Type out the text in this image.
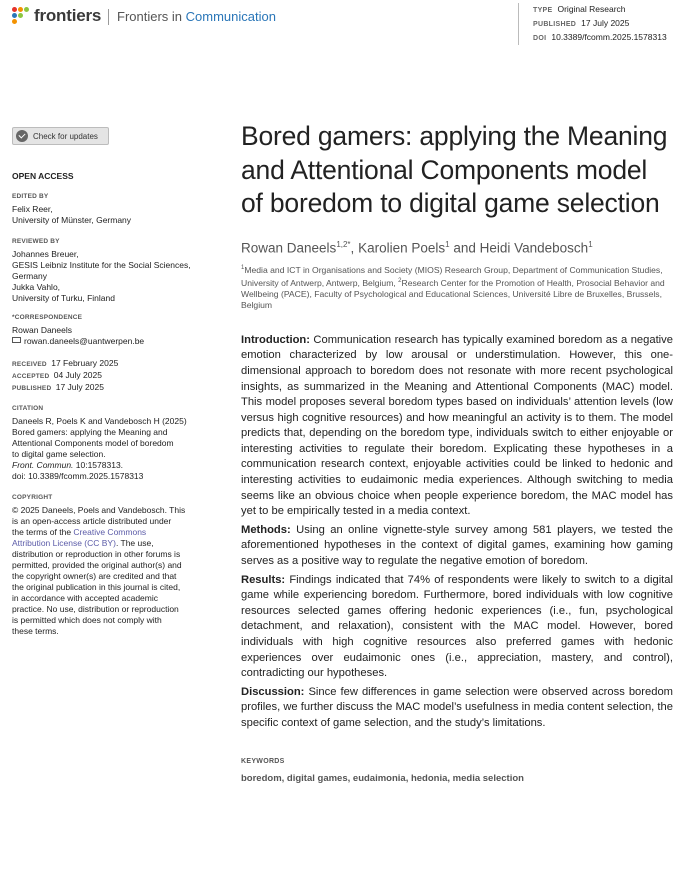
frontiers Frontiers in Communication	TYPE Original Research
PUBLISHED 17 July 2025
DOI 10.3389/fcomm.2025.1578313
Check for updates
OPEN ACCESS
EDITED BY
Felix Reer,
University of Münster, Germany
REVIEWED BY
Johannes Breuer,
GESIS Leibniz Institute for the Social Sciences,
Germany
Jukka Vahlo,
University of Turku, Finland
*CORRESPONDENCE
Rowan Daneels
rowan.daneels@uantwerpen.be
RECEIVED 17 February 2025
ACCEPTED 04 July 2025
PUBLISHED 17 July 2025
CITATION
Daneels R, Poels K and Vandebosch H (2025)
Bored gamers: applying the Meaning and
Attentional Components model of boredom
to digital game selection.
Front. Commun. 10:1578313.
doi: 10.3389/fcomm.2025.1578313
COPYRIGHT
© 2025 Daneels, Poels and Vandebosch. This
is an open-access article distributed under
the terms of the Creative Commons
Attribution License (CC BY). The use,
distribution or reproduction in other forums is
permitted, provided the original author(s) and
the copyright owner(s) are credited and that
the original publication in this journal is cited,
in accordance with accepted academic
practice. No use, distribution or reproduction
is permitted which does not comply with
these terms.
Bored gamers: applying the Meaning and Attentional Components model of boredom to digital game selection
Rowan Daneels$^{1,2*}$, Karolien Poels$^1$ and Heidi Vandebosch$^1$
$^1$Media and ICT in Organisations and Society (MIOS) Research Group, Department of Communication Studies, University of Antwerp, Antwerp, Belgium, $^2$Research Center for the Promotion of Health, Prosocial Behavior and Wellbeing (PACE), Faculty of Psychological and Educational Sciences, Université Libre de Bruxelles, Brussels, Belgium

Introduction: Communication research has typically examined boredom as a negative emotion characterized by low arousal or understimulation. However, this one-dimensional approach to boredom does not resonate with more recent psychological insights, as summarized in the Meaning and Attentional Components (MAC) model. This model proposes several boredom types based on individuals’ attention levels (low versus high cognitive resources) and how meaningful an activity is to them. The model predicts that, depending on the boredom type, individuals switch to either enjoyable or interesting activities to regulate their boredom. Explicating these hypotheses in a communication research context, enjoyable activities could be linked to hedonic and interesting activities to eudaimonic media experiences. Although switching to media seems like an obvious choice when people experience boredom, the MAC model has yet to be empirically tested in a media context.

Methods: Using an online vignette-style survey among 581 players, we tested the aforementioned hypotheses in the context of digital games, examining how gaming serves as a positive way to regulate the negative emotion of boredom.

Results: Findings indicated that 74% of respondents were likely to switch to a digital game while experiencing boredom. Furthermore, bored individuals with low cognitive resources selected games offering hedonic experiences (i.e., fun, psychological detachment, and relaxation), consistent with the MAC model. However, bored individuals with high cognitive resources also preferred games with hedonic experiences over eudaimonic ones (i.e., appreciation, mastery, and control), contradicting our hypotheses.

Discussion: Since few differences in game selection were observed across boredom profiles, we further discuss the MAC model’s usefulness in media content selection, the specific context of game selection, and the study’s limitations.

KEYWORDS
boredom, digital games, eudaimonia, hedonia, media selection
